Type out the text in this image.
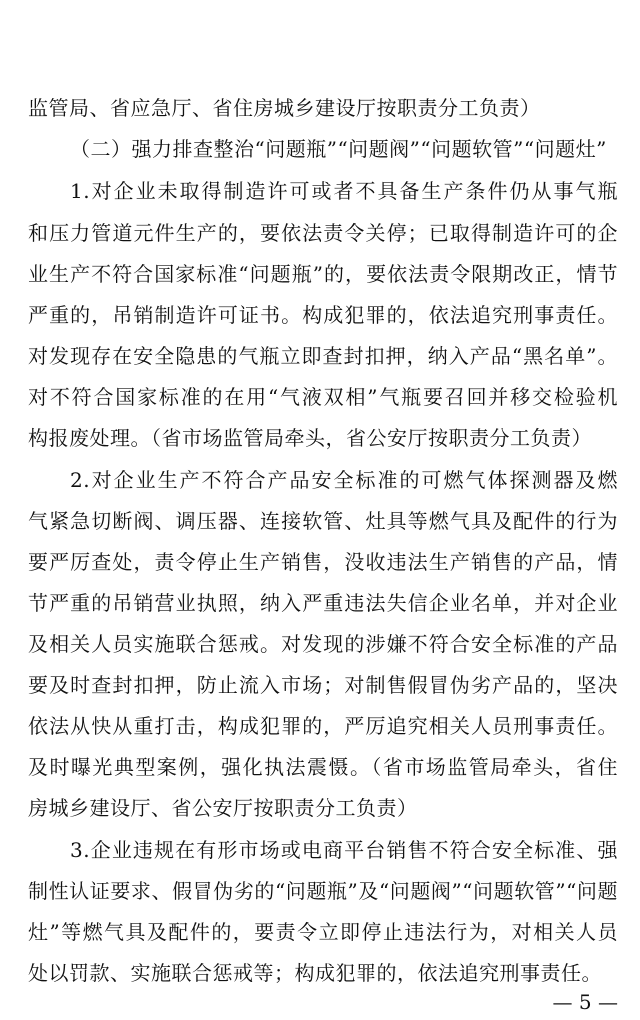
监管局、省应急厅、省住房城乡建设厅按职责分工负责）
（二）强力排查整治“问题瓶”“问题阀”“问题软管”“问题灶”
1.对企业未取得制造许可或者不具备生产条件仍从事气瓶
和压力管道元件生产的，要依法责令关停；已取得制造许可的企
业生产不符合国家标准“问题瓶”的，要依法责令限期改正，情节
严重的，吊销制造许可证书。构成犯罪的，依法追究刑事责任。
对发现存在安全隐患的气瓶立即查封扣押，纳入产品“黑名单”。
对不符合国家标准的在用“气液双相”气瓶要召回并移交检验机
构报废处理。（省市场监管局牵头，省公安厅按职责分工负责）
2.对企业生产不符合产品安全标准的可燃气体探测器及燃
气紧急切断阀、调压器、连接软管、灶具等燃气具及配件的行为
要严厉查处，责令停止生产销售，没收违法生产销售的产品，情
节严重的吊销营业执照，纳入严重违法失信企业名单，并对企业
及相关人员实施联合惩戒。对发现的涉嫌不符合安全标准的产品
要及时查封扣押，防止流入市场；对制售假冒伪劣产品的，坚决
依法从快从重打击，构成犯罪的，严厉追究相关人员刑事责任。
及时曝光典型案例，强化执法震慑。（省市场监管局牵头，省住
房城乡建设厅、省公安厅按职责分工负责）
3.企业违规在有形市场或电商平台销售不符合安全标准、强
制性认证要求、假冒伪劣的“问题瓶”及“问题阀”“问题软管”“问题
灶”等燃气具及配件的，要责令立即停止违法行为，对相关人员
处以罚款、实施联合惩戒等；构成犯罪的，依法追究刑事责任。
— 5 —
